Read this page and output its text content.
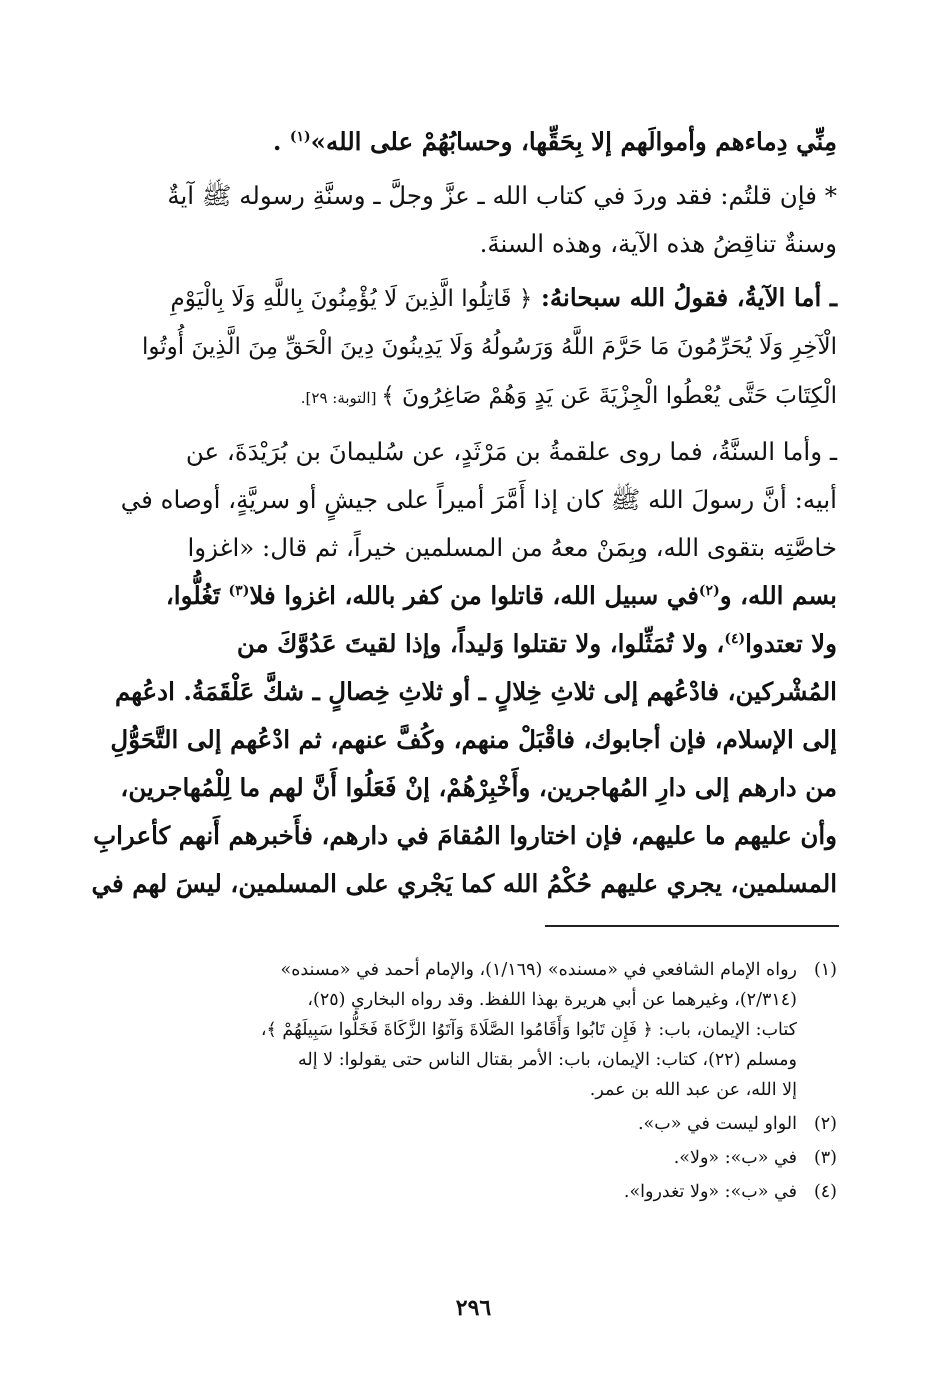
مِنِّي دِماءهم وأموالَهم إلا بِحَقِّها، وحسابُهُمْ على الله»$^{(١)}$ .

* فإن قلتُم: فقد وردَ في كتاب الله ـ عزَّ وجلَّ ـ وسنَّةِ رسوله ﷺ آيةٌ

وسنةٌ تناقِضُ هذه الآية، وهذه السنةَ.

ـ أما الآيةُ، فقولُ الله سبحانهُ: ﴿ قَاتِلُوا الَّذِينَ لَا يُؤْمِنُونَ بِاللَّهِ وَلَا بِالْيَوْمِ

الْآخِرِ وَلَا يُحَرِّمُونَ مَا حَرَّمَ اللَّهُ وَرَسُولُهُ وَلَا يَدِينُونَ دِينَ الْحَقِّ مِنَ الَّذِينَ أُوتُوا

الْكِتَابَ حَتَّى يُعْطُوا الْجِزْيَةَ عَن يَدٍ وَهُمْ صَاغِرُونَ ﴾ [التوبة: ٢٩].

ـ وأما السنَّةُ، فما روى علقمةُ بن مَرْثَدٍ، عن سُليمانَ بن بُرَيْدَةَ، عن

أبيه: أنَّ رسولَ الله ﷺ كان إذا أَمَّرَ أميراً على جيشٍ أو سريَّةٍ، أوصاه في

خاصَّتِه بتقوى الله، وبِمَنْ معهُ من المسلمين خيراً، ثم قال: «اغزوا

بسم الله، و$^{(٢)}$في سبيل الله، قاتلوا من كفر بالله، اغزوا فلا$^{(٣)}$ تَغُلُّوا،

ولا تعتدوا$^{(٤)}$، ولا تُمَثِّلوا، ولا تقتلوا وَليداً، وإذا لقيتَ عَدُوَّكَ من

المُشْركين، فادْعُهم إلى ثلاثِ خِلالٍ ـ أو ثلاثِ خِصالٍ ـ شكَّ عَلْقَمَةُ. ادعُهم

إلى الإسلام، فإن أجابوك، فاقْبَلْ منهم، وكُفَّ عنهم، ثم ادْعُهم إلى التَّحَوُّلِ

من دارهم إلى دارِ المُهاجرين، وأَخْبِرْهُمْ، إنْ فَعَلُوا أَنَّ لهم ما لِلْمُهاجرين،

وأن عليهم ما عليهم، فإن اختاروا المُقامَ في دارهم، فأَخبرهم أَنهم كأعرابِ

المسلمين، يجري عليهم حُكْمُ الله كما يَجْري على المسلمين، ليسَ لهم في

(١)
رواه الإمام الشافعي في «مسنده» (١/١٦٩)، والإمام أحمد في «مسنده»
(٢/٣١٤)، وغيرهما عن أبي هريرة بهذا اللفظ. وقد رواه البخاري (٢٥)،
كتاب: الإيمان، باب: ﴿ فَإِن تَابُوا وَأَقَامُوا الصَّلَاةَ وَآتَوُا الزَّكَاةَ فَخَلُّوا سَبِيلَهُمْ ﴾،
ومسلم (٢٢)، كتاب: الإيمان، باب: الأمر بقتال الناس حتى يقولوا: لا إله
إلا الله، عن عبد الله بن عمر.
(٢)
الواو ليست في «ب».
(٣)
في «ب»: «ولا».
(٤)
في «ب»: «ولا تغدروا».
٢٩٦
